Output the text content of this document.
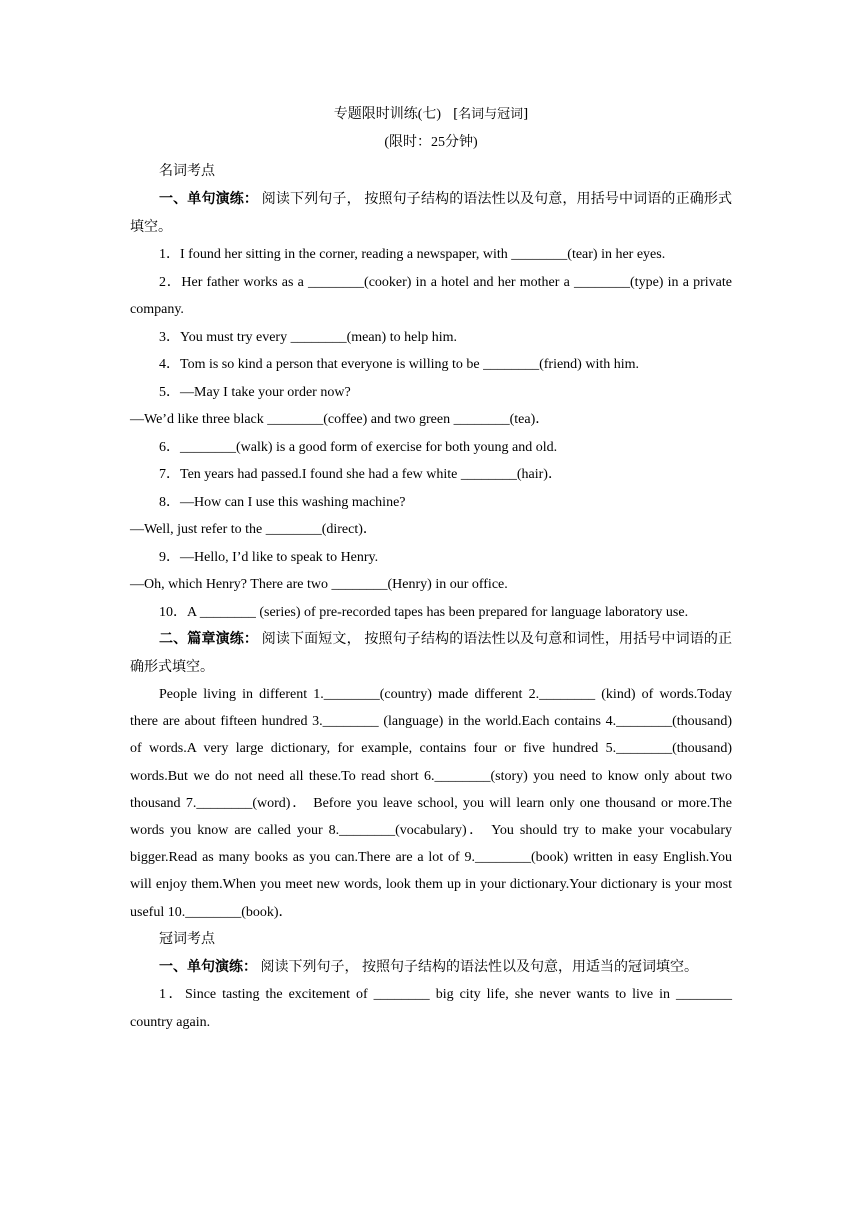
专题限时训练(七) [名词与冠词]
(限时：25分钟)

名词考点

一、单句演练： 阅读下列句子， 按照句子结构的语法性以及句意，用括号中词语的正确形式填空。

1．I found her sitting in the corner, reading a newspaper, with ________(tear) in her eyes.

2．Her father works as a ________(cooker) in a hotel and her mother a ________(type) in a private company.

3．You must try every ________(mean) to help him.

4．Tom is so kind a person that everyone is willing to be ________(friend) with him.

5．—May I take your order now?

—We’d like three black ________(coffee) and two green ________(tea)．

6．________(walk) is a good form of exercise for both young and old.

7．Ten years had passed.I found she had a few white ________(hair)．

8．—How can I use this washing machine?

—Well, just refer to the ________(direct)．

9．—Hello, I’d like to speak to Henry.

—Oh, which Henry? There are two ________(Henry) in our office.

10．A ________ (series) of pre-recorded tapes has been prepared for language laboratory use.

二、篇章演练： 阅读下面短文， 按照句子结构的语法性以及句意和词性，用括号中词语的正确形式填空。

People living in different 1.________(country) made different 2.________ (kind) of words.Today there are about fifteen hundred 3.________ (language) in the world.Each contains 4.________(thousand) of words.A very large dictionary, for example, contains four or five hundred 5.________(thousand) words.But we do not need all these.To read short 6.________(story) you need to know only about two thousand 7.________(word)． Before you leave school, you will learn only one thousand or more.The words you know are called your 8.________(vocabulary)． You should try to make your vocabulary bigger.Read as many books as you can.There are a lot of 9.________(book) written in easy English.You will enjoy them.When you meet new words, look them up in your dictionary.Your dictionary is your most useful 10.________(book)．

冠词考点

一、单句演练： 阅读下列句子， 按照句子结构的语法性以及句意，用适当的冠词填空。

1．Since tasting the excitement of ________ big city life, she never wants to live in ________ country again.
